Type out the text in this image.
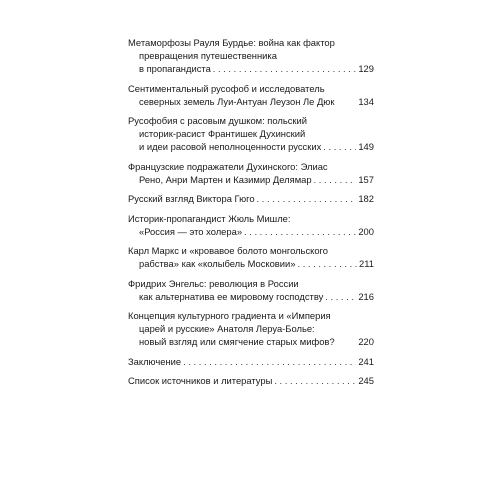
Метаморфозы Рауля Бурдье: война как фактор
превращения путешественника
в пропагандиста . . .	129
Сентиментальный русофоб и исследователь
северных земель Луи-Антуан Леузон Ле Дюк	134
Русофобия с расовым душком: польский
историк-расист Франтишек Духинский
и идеи расовой неполноценности русских . . .	149
Французские подражатели Духинского: Элиас
Рено, Анри Мартен и Казимир Делямар . . .	157
Русский взгляд Виктора Гюго . . .	182
Историк-пропагандист Жюль Мишле:
«Россия — это холера» . . .	200
Карл Маркс и «кровавое болото монгольского
рабства» как «колыбель Московии» . . .	211
Фридрих Энгельс: революция в России
как альтернатива ее мировому господству . . .	216
Концепция культурного градиента и «Империя
царей и русские» Анатоля Леруа-Болье:
новый взгляд или смягчение старых мифов?	220
Заключение . . .	241
Список источников и литературы . . .	245
